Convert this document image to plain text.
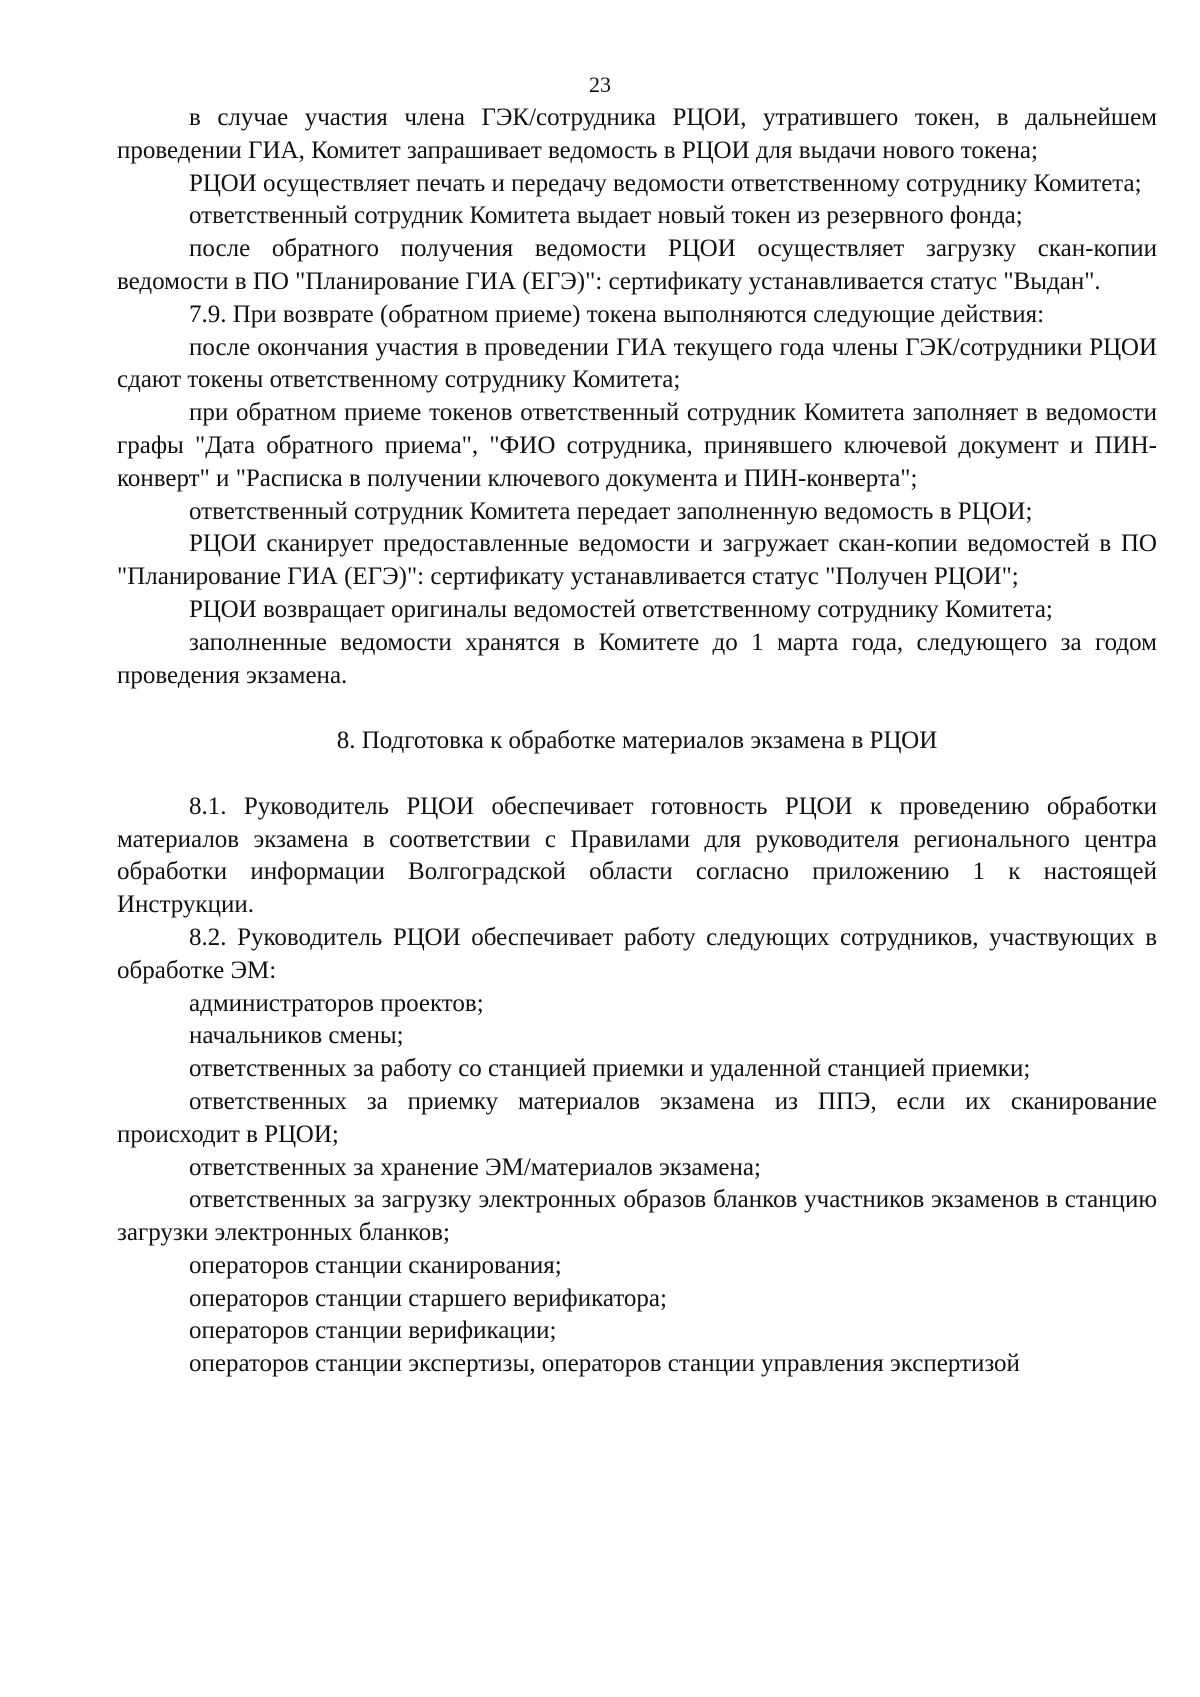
23

в случае участия члена ГЭК/сотрудника РЦОИ, утратившего токен, в дальнейшем проведении ГИА, Комитет запрашивает ведомость в РЦОИ для выдачи нового токена;

РЦОИ осуществляет печать и передачу ведомости ответственному сотруднику Комитета;

ответственный сотрудник Комитета выдает новый токен из резервного фонда;

после обратного получения ведомости РЦОИ осуществляет загрузку скан-копии ведомости в ПО "Планирование ГИА (ЕГЭ)": сертификату устанавливается статус "Выдан".

7.9. При возврате (обратном приеме) токена выполняются следующие действия:

после окончания участия в проведении ГИА текущего года члены ГЭК/сотрудники РЦОИ сдают токены ответственному сотруднику Комитета;

при обратном приеме токенов ответственный сотрудник Комитета заполняет в ведомости графы "Дата обратного приема", "ФИО сотрудника, принявшего ключевой документ и ПИН-конверт" и "Расписка в получении ключевого документа и ПИН-конверта";

ответственный сотрудник Комитета передает заполненную ведомость в РЦОИ;

РЦОИ сканирует предоставленные ведомости и загружает скан-копии ведомостей в ПО "Планирование ГИА (ЕГЭ)": сертификату устанавливается статус "Получен РЦОИ";

РЦОИ возвращает оригиналы ведомостей ответственному сотруднику Комитета;

заполненные ведомости хранятся в Комитете до 1 марта года, следующего за годом проведения экзамена.

8. Подготовка к обработке материалов экзамена в РЦОИ

8.1. Руководитель РЦОИ обеспечивает готовность РЦОИ к проведению обработки материалов экзамена в соответствии с Правилами для руководителя регионального центра обработки информации Волгоградской области согласно приложению 1 к настоящей Инструкции.

8.2. Руководитель РЦОИ обеспечивает работу следующих сотрудников, участвующих в обработке ЭМ:

администраторов проектов;

начальников смены;

ответственных за работу со станцией приемки и удаленной станцией приемки;

ответственных за приемку материалов экзамена из ППЭ, если их сканирование происходит в РЦОИ;

ответственных за хранение ЭМ/материалов экзамена;

ответственных за загрузку электронных образов бланков участников экзаменов в станцию загрузки электронных бланков;

операторов станции сканирования;

операторов станции старшего верификатора;

операторов станции верификации;

операторов станции экспертизы, операторов станции управления экспертизой
